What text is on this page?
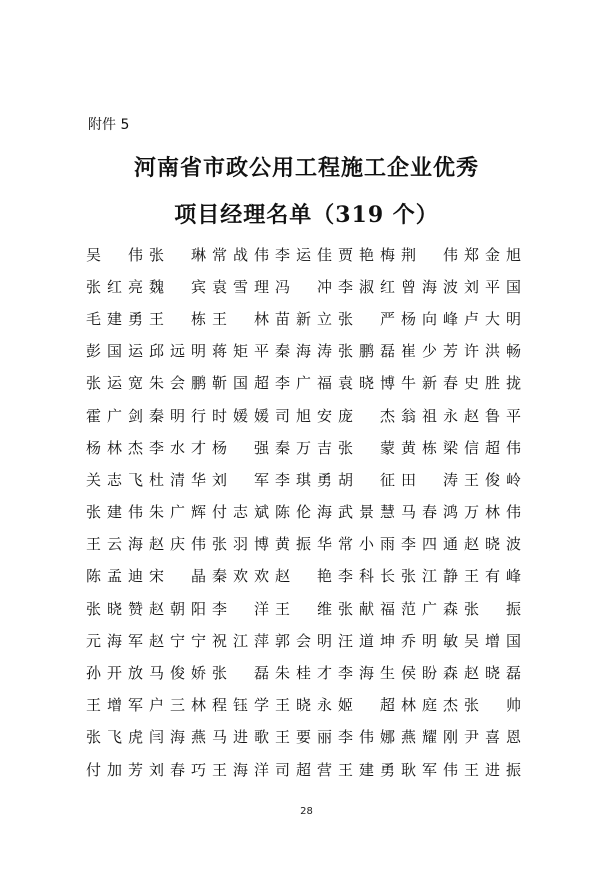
附件 5
河南省市政公用工程施工企业优秀
项目经理名单（319 个）
吴 伟 张 琳 常 战 伟 李 运 佳 贾 艳 梅 荆 伟 郑 金 旭
张 红 亮 魏 宾 袁 雪 理 冯 冲 李 淑 红 曾 海 波 刘 平 国
毛 建 勇 王 栋 王 林 苗 新 立 张 严 杨 向 峰 卢 大 明
彭 国 运 邱 远 明 蒋 矩 平 秦 海 涛 张 鹏 磊 崔 少 芳 许 洪 畅
张 运 宽 朱 会 鹏 靳 国 超 李 广 福 袁 晓 博 牛 新 春 史 胜 拢
霍 广 剑 秦 明 行 时 媛 媛 司 旭 安 庞 杰 翁 祖 永 赵 鲁 平
杨 林 杰 李 水 才 杨 强 秦 万 吉 张 蒙 黄 栋 梁 信 超 伟
关 志 飞 杜 清 华 刘 军 李 琪 勇 胡 征 田 涛 王 俊 岭
张 建 伟 朱 广 辉 付 志 斌 陈 伦 海 武 景 慧 马 春 鸿 万 林 伟
王 云 海 赵 庆 伟 张 羽 博 黄 振 华 常 小 雨 李 四 通 赵 晓 波
陈 孟 迪 宋 晶 秦 欢 欢 赵 艳 李 科 长 张 江 静 王 有 峰
张 晓 赞 赵 朝 阳 李 洋 王 维 张 献 福 范 广 森 张 振
元 海 军 赵 宁 宁 祝 江 萍 郭 会 明 汪 道 坤 乔 明 敏 吴 增 国
孙 开 放 马 俊 娇 张 磊 朱 桂 才 李 海 生 侯 盼 森 赵 晓 磊
王 增 军 户 三 林 程 钰 学 王 晓 永 姬 超 林 庭 杰 张 帅
张 飞 虎 闫 海 燕 马 进 歌 王 要 丽 李 伟 娜 燕 耀 刚 尹 喜 恩
付 加 芳 刘 春 巧 王 海 洋 司 超 营 王 建 勇 耿 军 伟 王 进 振
28
